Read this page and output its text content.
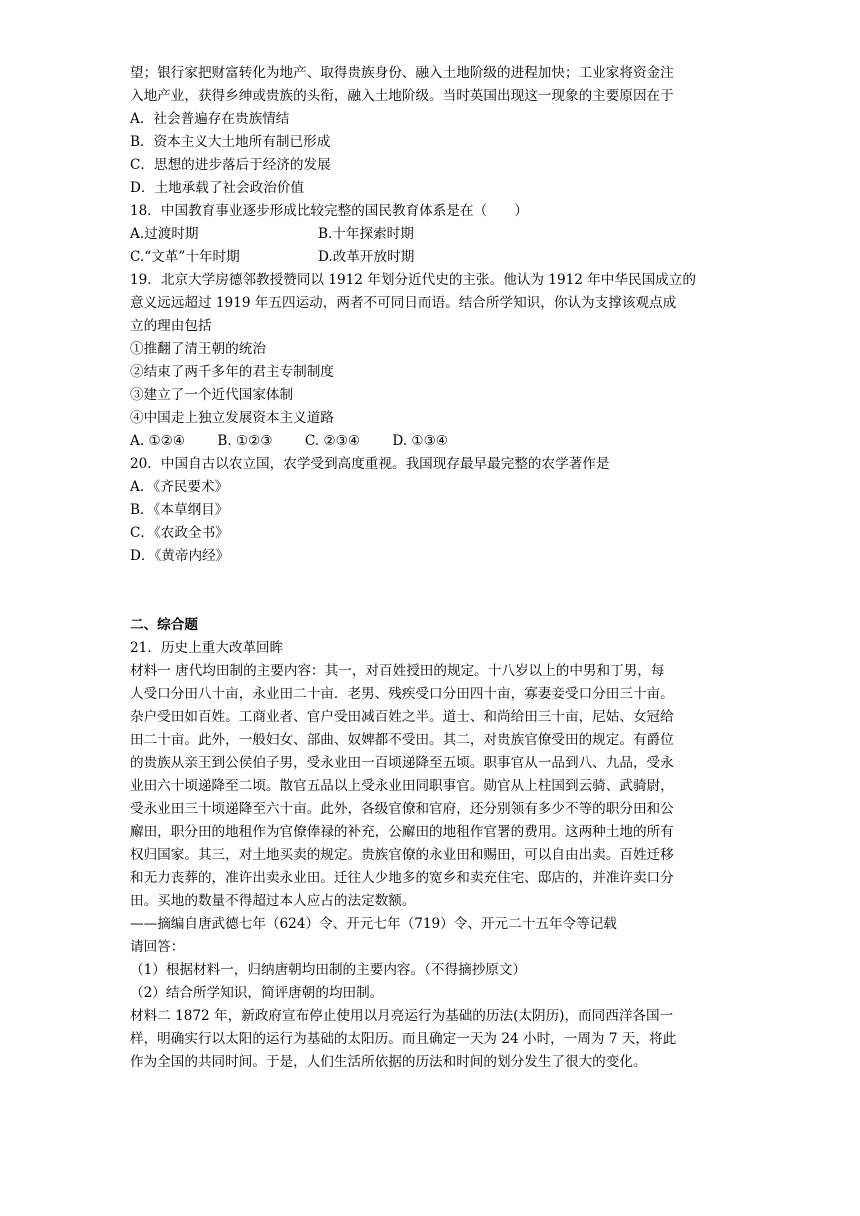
望；银行家把财富转化为地产、取得贵族身份、融入土地阶级的进程加快；工业家将资金注
入地产业，获得乡绅或贵族的头衔，融入土地阶级。当时英国出现这一现象的主要原因在于
A．社会普遍存在贵族情结
B．资本主义大土地所有制已形成
C．思想的进步落后于经济的发展
D．土地承载了社会政治价值
18．中国教育事业逐步形成比较完整的国民教育体系是在（　　）
A.过渡时期	B.十年探索时期
C.“文革”十年时期	D.改革开放时期
19．北京大学房德邻教授赞同以 1912 年划分近代史的主张。他认为 1912 年中华民国成立的
意义远远超过 1919 年五四运动，两者不可同日而语。结合所学知识，你认为支撑该观点成
立的理由包括
①推翻了清王朝的统治
②结束了两千多年的君主专制制度
③建立了一个近代国家体制
④中国走上独立发展资本主义道路
A. ①②④ B. ①②③ C. ②③④ D. ①③④
20．中国自古以农立国，农学受到高度重视。我国现存最早最完整的农学著作是
A．《齐民要术》
B．《本草纲目》
C．《农政全书》
D．《黄帝内经》
二、综合题
21．历史上重大改革回眸
材料一 唐代均田制的主要内容：其一，对百姓授田的规定。十八岁以上的中男和丁男，每
人受口分田八十亩，永业田二十亩．老男、残疾受口分田四十亩，寡妻妾受口分田三十亩。
杂户受田如百姓。工商业者、官户受田减百姓之半。道士、和尚给田三十亩，尼姑、女冠给
田二十亩。此外，一般妇女、部曲、奴婢都不受田。其二，对贵族官僚受田的规定。有爵位
的贵族从亲王到公侯伯子男，受永业田一百顷递降至五顷。职事官从一品到八、九品，受永
业田六十顷递降至二顷。散官五品以上受永业田同职事官。勋官从上柱国到云骑、武骑尉，
受永业田三十顷递降至六十亩。此外，各级官僚和官府，还分别领有多少不等的职分田和公
廨田，职分田的地租作为官僚俸禄的补充，公廨田的地租作官署的费用。这两种土地的所有
权归国家。其三，对土地买卖的规定。贵族官僚的永业田和赐田，可以自由出卖。百姓迁移
和无力丧葬的，准许出卖永业田。迁往人少地多的宽乡和卖充住宅、邸店的，并准许卖口分
田。买地的数量不得超过本人应占的法定数额。
——摘编自唐武德七年（624）令、开元七年（719）令、开元二十五年令等记载
请回答：
（1）根据材料一，归纳唐朝均田制的主要内容。（不得摘抄原文）
（2）结合所学知识，简评唐朝的均田制。
材料二 1872 年，新政府宣布停止使用以月亮运行为基础的历法(太阴历)，而同西洋各国一
样，明确实行以太阳的运行为基础的太阳历。而且确定一天为 24 小时，一周为 7 天，将此
作为全国的共同时间。于是，人们生活所依据的历法和时间的划分发生了很大的变化。
